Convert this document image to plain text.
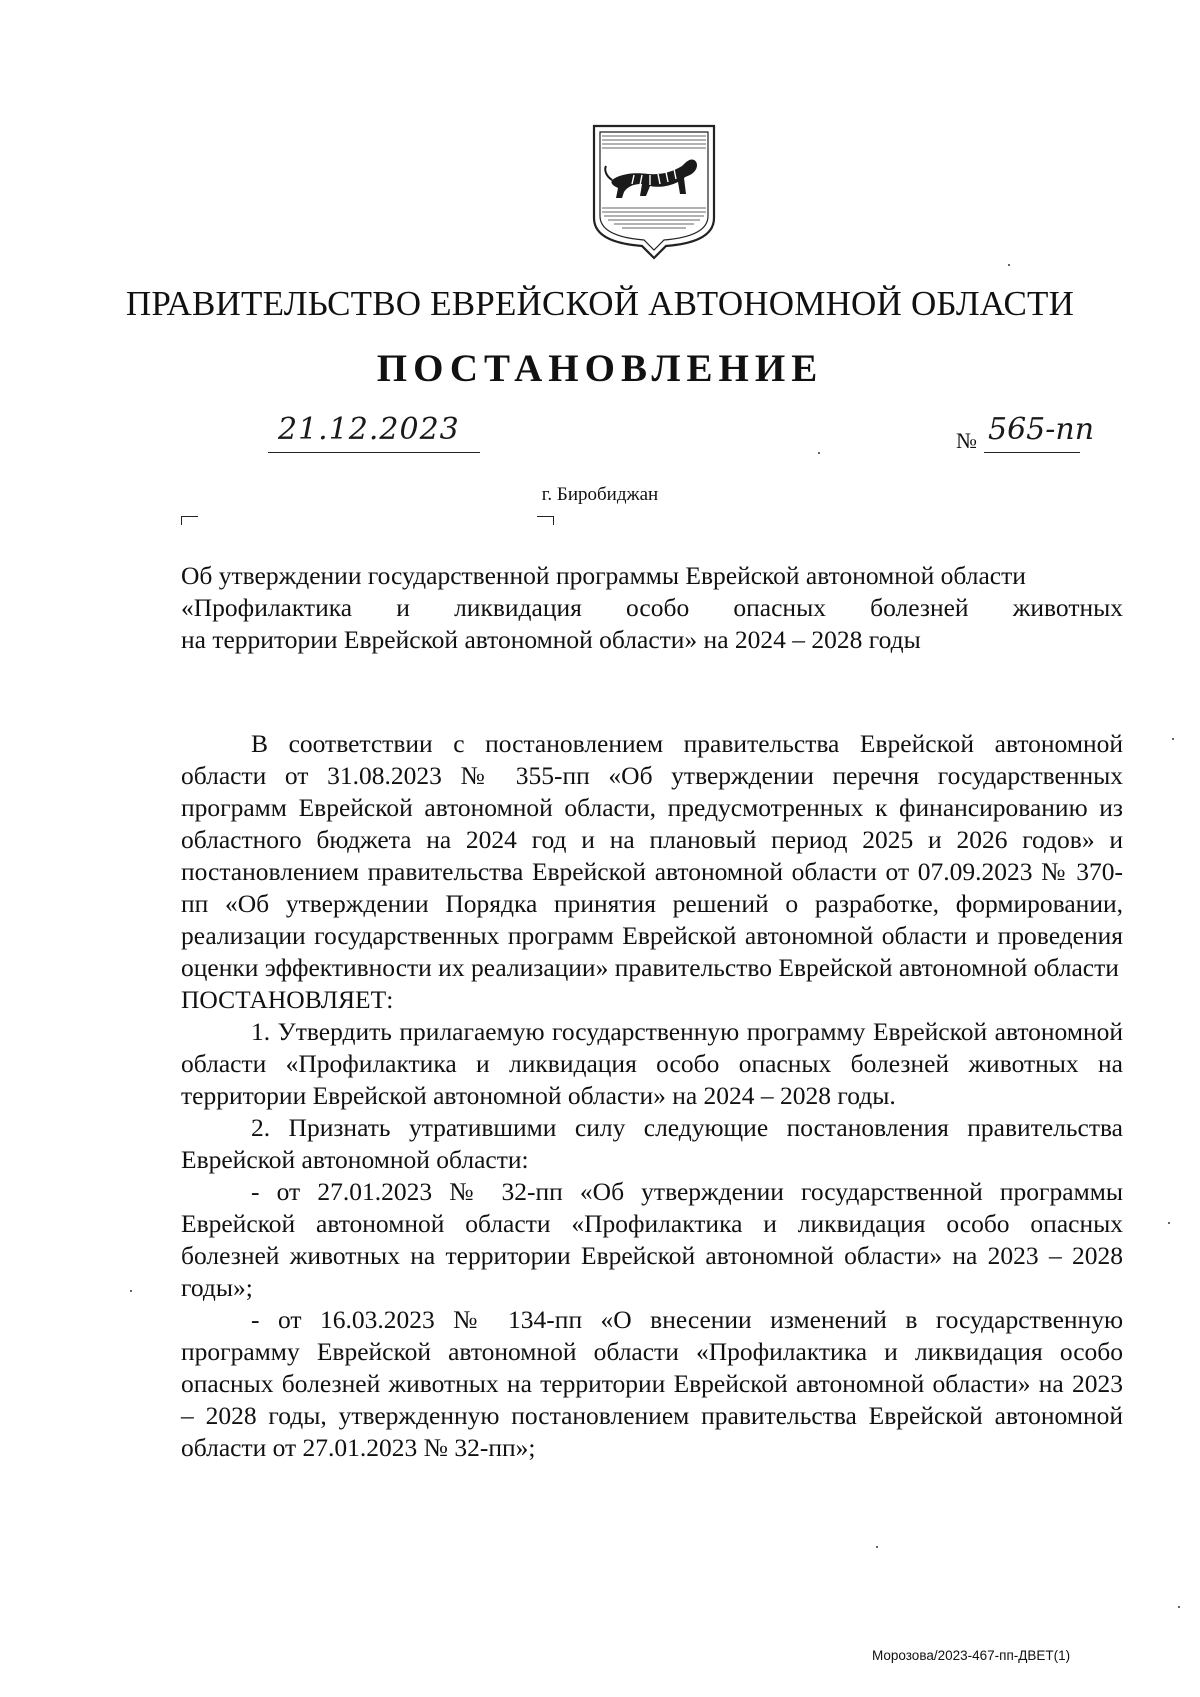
ПРАВИТЕЛЬСТВО ЕВРЕЙСКОЙ АВТОНОМНОЙ ОБЛАСТИ
ПОСТАНОВЛЕНИЕ
21.12.2023	№ 565-пп
г. Биробиджан
Об утверждении государственной программы Еврейской автономной области
«Профилактика и ликвидация особо опасных болезней животных
на территории Еврейской автономной области» на 2024 – 2028 годы

В соответствии с постановлением правительства Еврейской автономной области от 31.08.2023 № 355-пп «Об утверждении перечня государственных программ Еврейской автономной области, предусмотренных к финансированию из областного бюджета на 2024 год и на плановый период 2025 и 2026 годов» и постановлением правительства Еврейской автономной области от 07.09.2023 № 370-пп «Об утверждении Порядка принятия решений о разработке, формировании, реализации государственных программ Еврейской автономной области и проведения оценки эффективности их реализации» правительство Еврейской автономной области

ПОСТАНОВЛЯЕТ:

1. Утвердить прилагаемую государственную программу Еврейской автономной области «Профилактика и ликвидация особо опасных болезней животных на территории Еврейской автономной области» на 2024 – 2028 годы.

2. Признать утратившими силу следующие постановления правительства Еврейской автономной области:

- от 27.01.2023 № 32-пп «Об утверждении государственной программы Еврейской автономной области «Профилактика и ликвидация особо опасных болезней животных на территории Еврейской автономной области» на 2023 – 2028 годы»;

- от 16.03.2023 № 134-пп «О внесении изменений в государственную программу Еврейской автономной области «Профилактика и ликвидация особо опасных болезней животных на территории Еврейской автономной области» на 2023 – 2028 годы, утвержденную постановлением правительства Еврейской автономной области от 27.01.2023 № 32-пп»;

Морозова/2023-467-пп-ДВЕТ(1)
